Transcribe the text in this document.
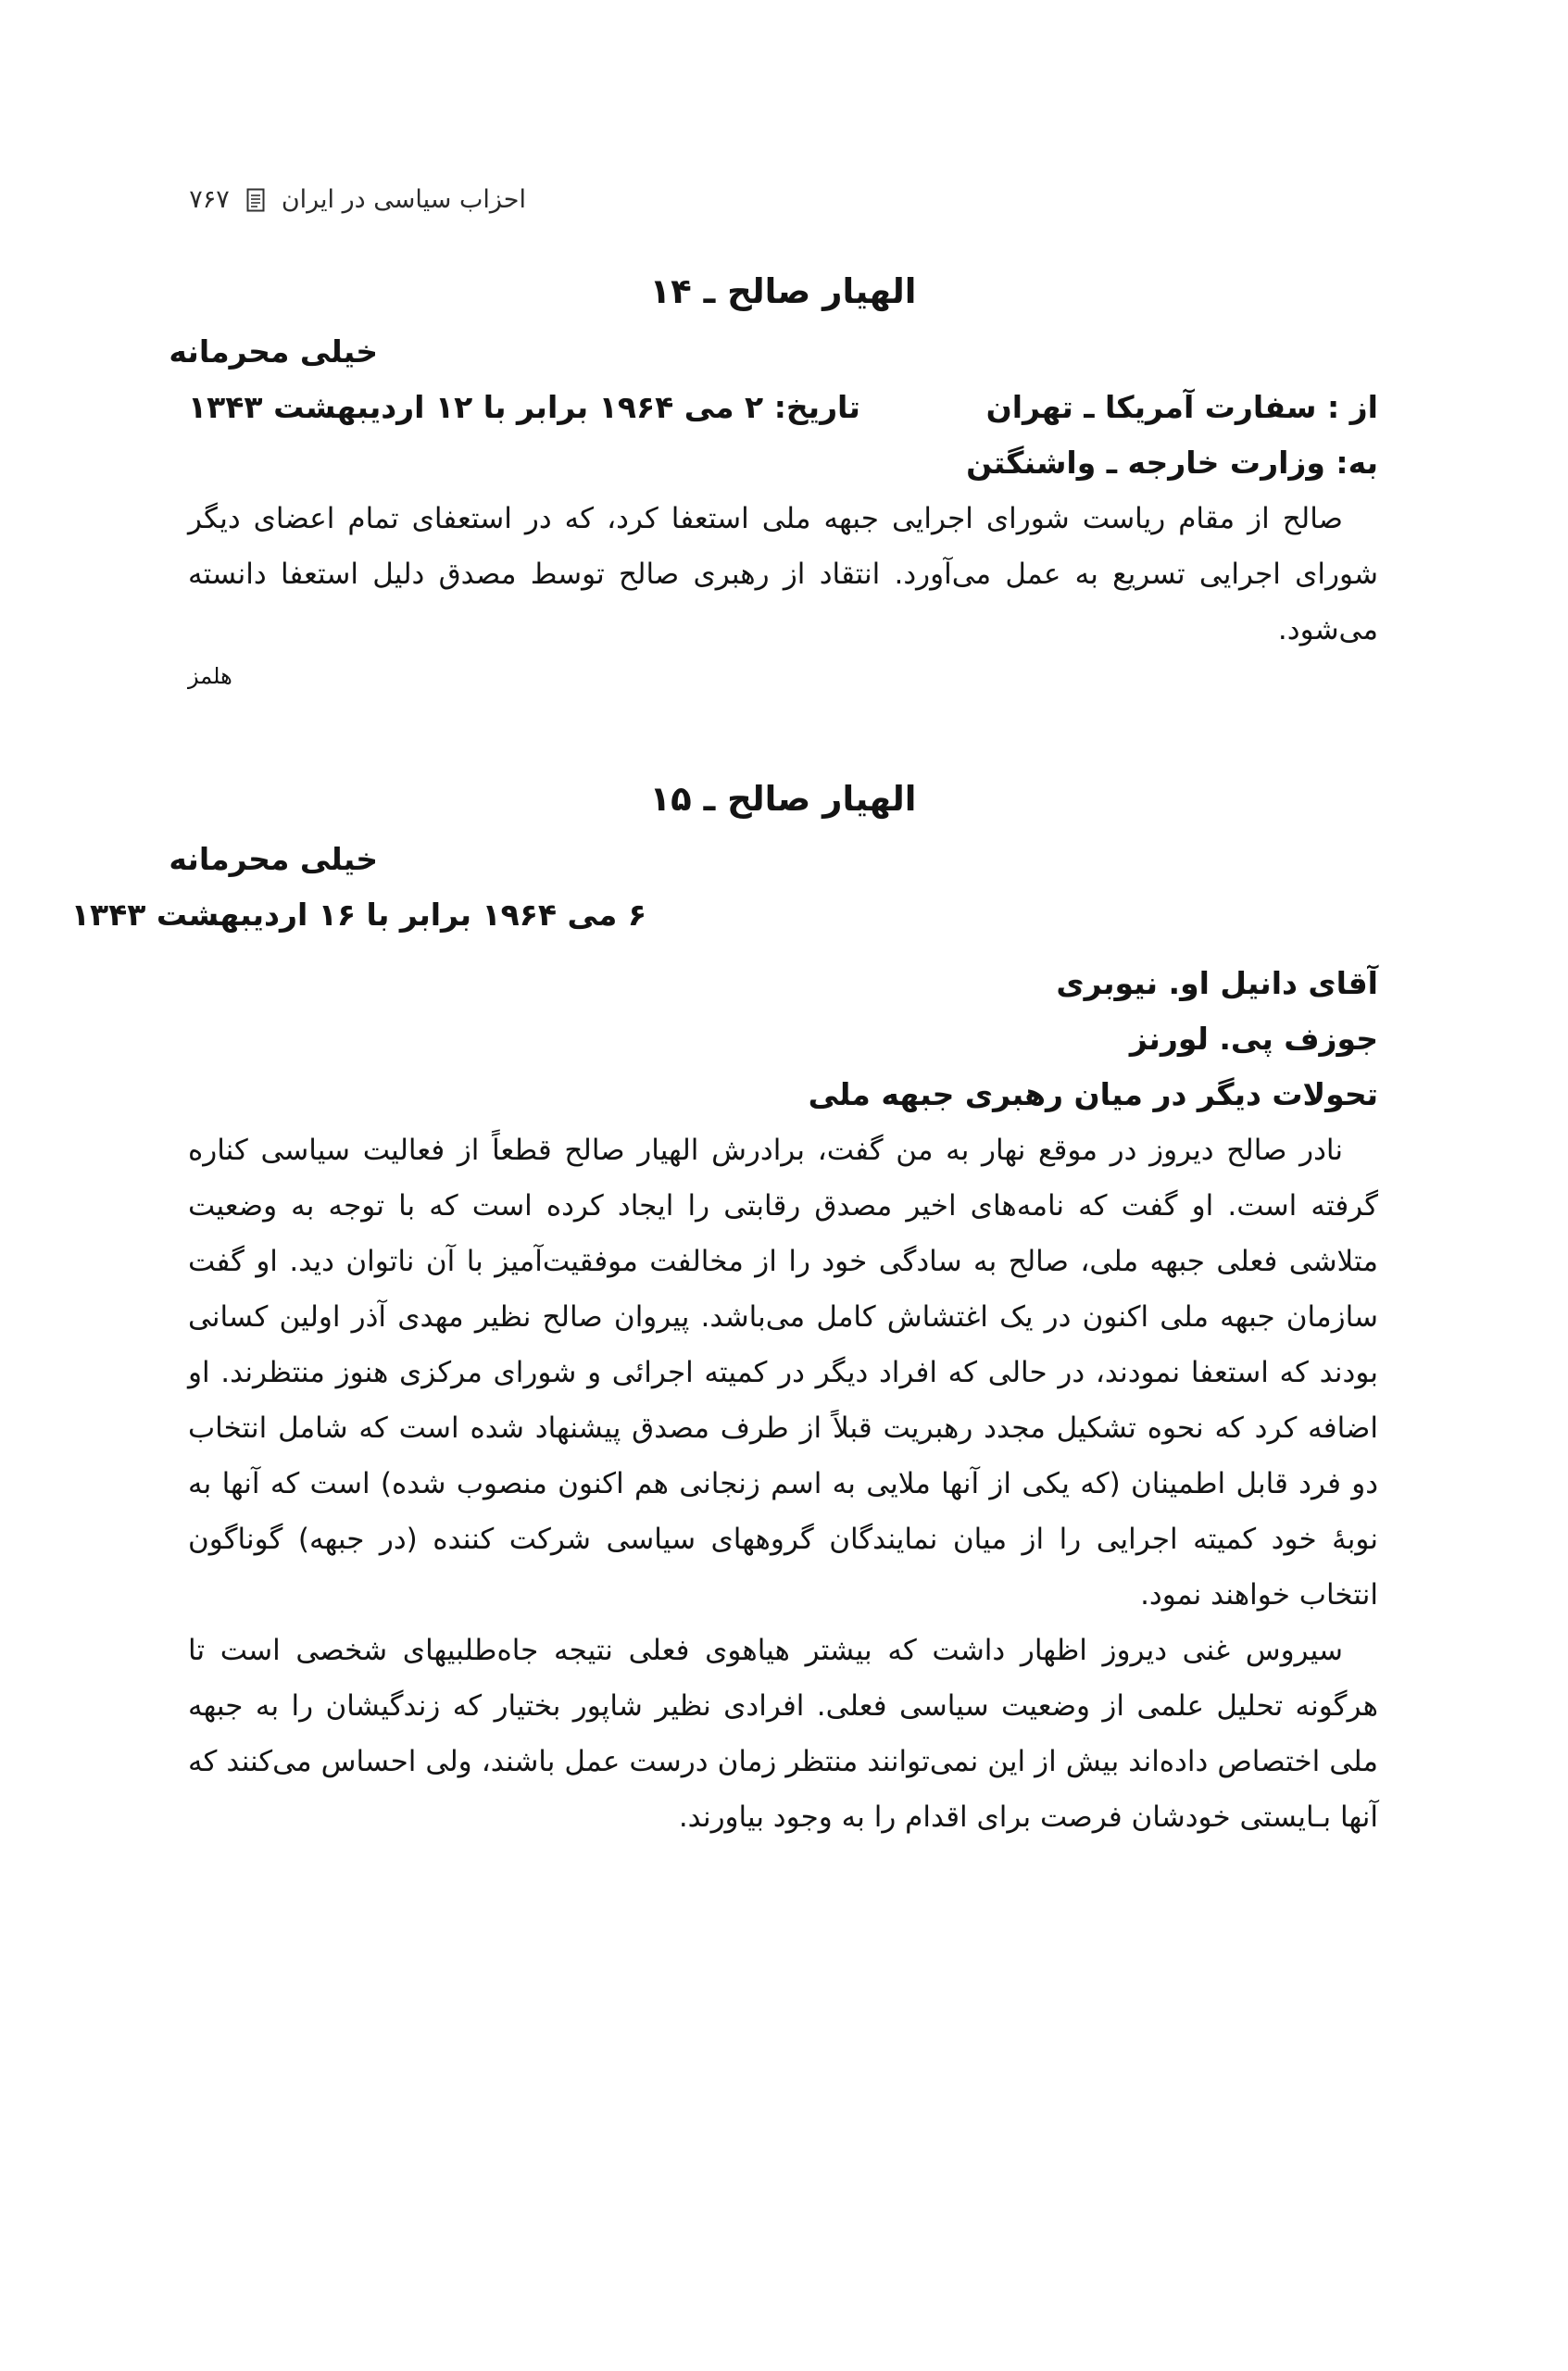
احزاب سیاسی در ایران
۷۶۷
الهیار صالح ـ ۱۴
خیلی محرمانه
از : سفارت آمریکا ـ تهران
تاریخ: ۲ می ۱۹۶۴ برابر با ۱۲ اردیبهشت ۱۳۴۳
به: وزارت خارجه ـ واشنگتن

صالح از مقام ریاست شورای اجرایی جبهه ملی استعفا کرد، که در استعفای تمام اعضای دیگر شورای اجرایی تسریع به عمل می‌آورد. انتقاد از رهبری صالح توسط مصدق دلیل استعفا دانسته می‌شود.

هلمز
الهیار صالح ـ ۱۵
خیلی محرمانه
۶ می ۱۹۶۴ برابر با ۱۶ اردیبهشت ۱۳۴۳
آقای دانیل او. نیوبری
جوزف پی. لورنز
تحولات دیگر در میان رهبری جبهه ملی

نادر صالح دیروز در موقع نهار به من گفت، برادرش الهیار صالح قطعاً از فعالیت سیاسی کناره گرفته است. او گفت که نامه‌های اخیر مصدق رقابتی را ایجاد کرده است که با توجه به وضعیت متلاشی فعلی جبهه ملی، صالح به سادگی خود را از مخالفت موفقیت‌آمیز با آن ناتوان دید. او گفت سازمان جبهه ملی اکنون در یک اغتشاش کامل می‌باشد. پیروان صالح نظیر مهدی آذر اولین کسانی بودند که استعفا نمودند، در حالی که افراد دیگر در کمیته اجرائی و شورای مرکزی هنوز منتظرند. او اضافه کرد که نحوه تشکیل مجدد رهبریت قبلاً از طرف مصدق پیشنهاد شده است که شامل انتخاب دو فرد قابل اطمینان (که یکی از آنها ملایی به اسم زنجانی هم اکنون منصوب شده) است که آنها به نوبهٔ خود کمیته اجرایی را از میان نمایندگان گروههای سیاسی شرکت کننده (در جبهه) گوناگون انتخاب خواهند نمود.

سیروس غنی دیروز اظهار داشت که بیشتر هیاهوی فعلی نتیجه جاه‌طلبیهای شخصی است تا هرگونه تحلیل علمی از وضعیت سیاسی فعلی. افرادی نظیر شاپور بختیار که زندگیشان را به جبهه ملی اختصاص داده‌اند بیش از این نمی‌توانند منتظر زمان درست عمل باشند، ولی احساس می‌کنند که آنها بـایستی خودشان فرصت برای اقدام را به وجود بیاورند.
